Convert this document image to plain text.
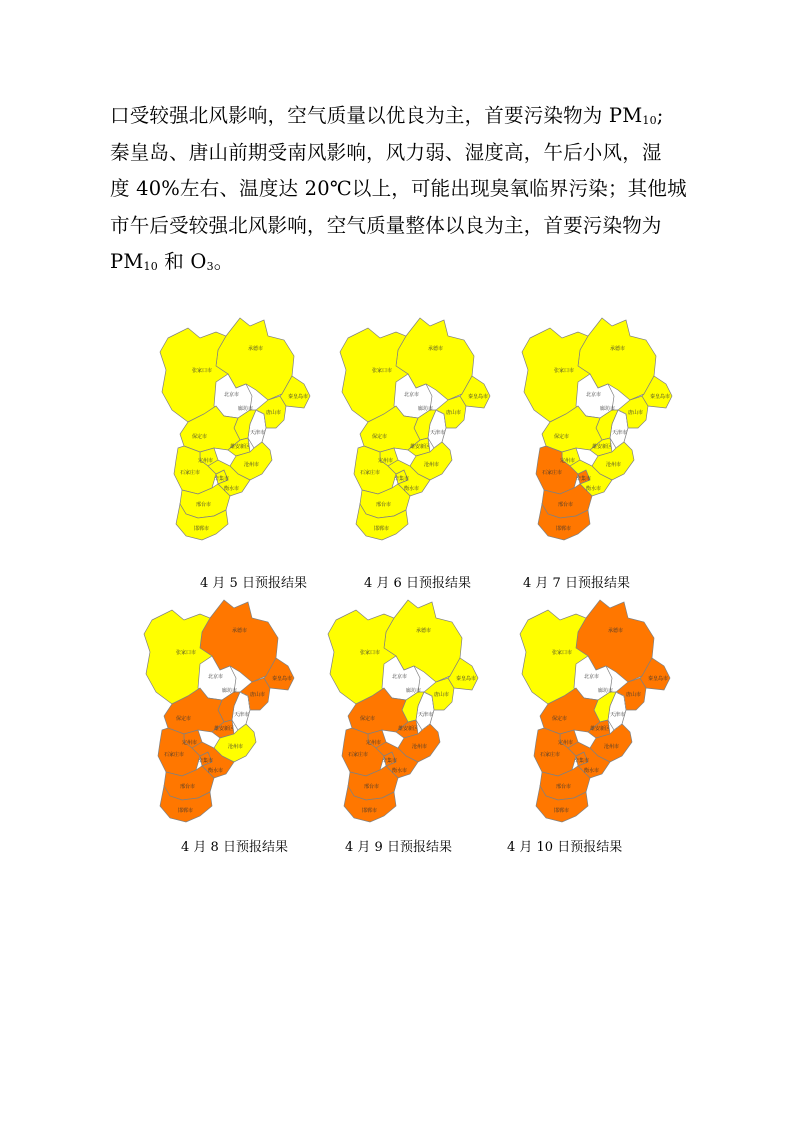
口受较强北风影响，空气质量以优良为主，首要污染物为 $PM_{10}$;
秦皇岛、唐山前期受南风影响，风力弱、湿度高，午后小风，湿
度 40%左右、温度达 20℃以上，可能出现臭氧临界污染；其他城
市午后受较强北风影响，空气质量整体以良为主，首要污染物为
$PM_{10}$ 和 $O_3$。
张家口市
承德市
北京市
廊坊市
唐山市
秦皇岛市
天津市
保定市
雄安新区
定州市
石家庄市
辛集市
沧州市
衡水市
邢台市
邯郸市
张家口市
承德市
北京市
廊坊市
唐山市
秦皇岛市
天津市
保定市
雄安新区
定州市
石家庄市
辛集市
沧州市
衡水市
邢台市
邯郸市
张家口市
承德市
北京市
廊坊市
唐山市
秦皇岛市
天津市
保定市
雄安新区
定州市
石家庄市
辛集市
沧州市
衡水市
邢台市
邯郸市
张家口市
承德市
北京市
廊坊市
唐山市
秦皇岛市
天津市
保定市
雄安新区
定州市
石家庄市
辛集市
沧州市
衡水市
邢台市
邯郸市
张家口市
承德市
北京市
廊坊市
唐山市
秦皇岛市
天津市
保定市
雄安新区
定州市
石家庄市
辛集市
沧州市
衡水市
邢台市
邯郸市
张家口市
承德市
北京市
廊坊市
唐山市
秦皇岛市
天津市
保定市
雄安新区
定州市
石家庄市
辛集市
沧州市
衡水市
邢台市
邯郸市
4 月 5 日预报结果	4 月 6 日预报结果	4 月 7 日预报结果
4 月 8 日预报结果	4 月 9 日预报结果	4 月 10 日预报结果
